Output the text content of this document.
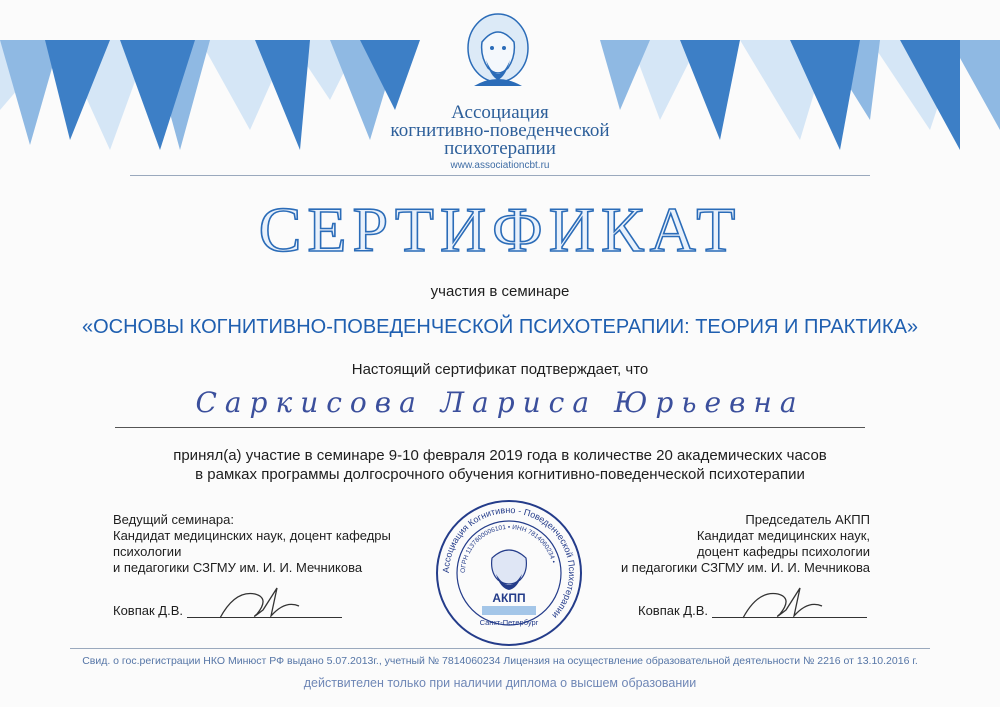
Ассоциация
когнитивно-поведенческой
психотерапии
www.associationcbt.ru
СЕРТИФИКАТ
участия в семинаре
«ОСНОВЫ КОГНИТИВНО-ПОВЕДЕНЧЕСКОЙ ПСИХОТЕРАПИИ: ТЕОРИЯ И ПРАКТИКА»
Настоящий сертификат подтверждает, что
Саркисова Лариса Юрьевна
принял(а) участие в семинаре 9-10 февраля 2019 года в количестве 20 академических часов
в рамках программы долгосрочного обучения когнитивно-поведенческой психотерапии
Ведущий семинара:
Кандидат медицинских наук, доцент кафедры
психологии
и педагогики СЗГМУ им. И. И. Мечникова
Ковпак Д.В.
Председатель АКПП
Кандидат медицинских наук,
доцент кафедры психологии
и педагогики СЗГМУ им. И. И. Мечникова
Ковпак Д.В.
Ассоциация Когнитивно - Поведенческой Психотерапии
ОГРН 1137800006101 • ИНН 7814060234 •
АКПП
Санкт-Петербург
Свид. о гос.регистрации НКО Минюст РФ выдано 5.07.2013г., учетный № 7814060234 Лицензия на осуществление образовательной деятельности № 2216 от 13.10.2016 г.
действителен только при наличии диплома о высшем образовании
